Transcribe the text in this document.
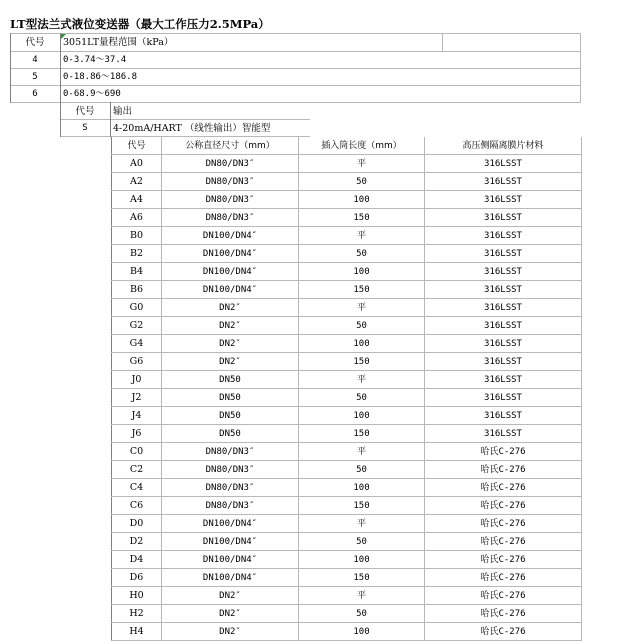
LT型法兰式液位变送器（最大工作压力2.5MPa）
代号	3051LT量程范围（kPa）
4	0-3.74～37.4
5	0-18.86～186.8
6	0-68.9～690
代号	输出
S	4-20mA/HART （线性输出）智能型
代号	公称直径尺寸（mm）	插入筒长度（mm）	高压侧隔离膜片材料
A0	DN80/DN3″	平	316LSST
A2	DN80/DN3″	50	316LSST
A4	DN80/DN3″	100	316LSST
A6	DN80/DN3″	150	316LSST
B0	DN100/DN4″	平	316LSST
B2	DN100/DN4″	50	316LSST
B4	DN100/DN4″	100	316LSST
B6	DN100/DN4″	150	316LSST
G0	DN2″	平	316LSST
G2	DN2″	50	316LSST
G4	DN2″	100	316LSST
G6	DN2″	150	316LSST
J0	DN50	平	316LSST
J2	DN50	50	316LSST
J4	DN50	100	316LSST
J6	DN50	150	316LSST
C0	DN80/DN3″	平	哈氏C-276
C2	DN80/DN3″	50	哈氏C-276
C4	DN80/DN3″	100	哈氏C-276
C6	DN80/DN3″	150	哈氏C-276
D0	DN100/DN4″	平	哈氏C-276
D2	DN100/DN4″	50	哈氏C-276
D4	DN100/DN4″	100	哈氏C-276
D6	DN100/DN4″	150	哈氏C-276
H0	DN2″	平	哈氏C-276
H2	DN2″	50	哈氏C-276
H4	DN2″	100	哈氏C-276
